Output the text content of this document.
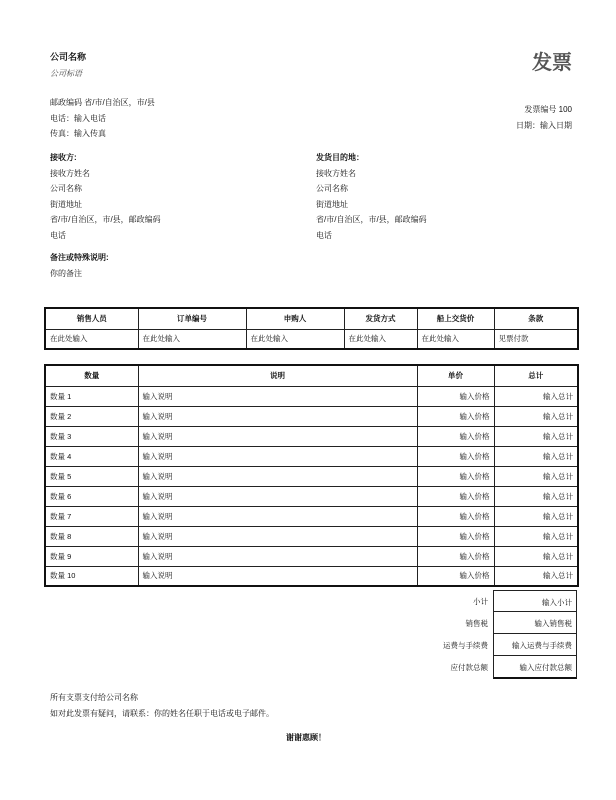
公司名称
公司标语
邮政编码 省/市/自治区，市/县
电话：输入电话
传真：输入传真
发票
发票编号 100
日期：输入日期
接收方:
接收方姓名
公司名称
街道地址
省/市/自治区，市/县，邮政编码
电话
发货目的地：
接收方姓名
公司名称
街道地址
省/市/自治区，市/县，邮政编码
电话
备注或特殊说明:
你的备注
销售人员	订单编号	申购人	发货方式	船上交货价	条款
在此处输入	在此处输入	在此处输入	在此处输入	在此处输入	见票付款
数量	说明	单价	总计
数量 1	输入说明	输入价格	输入总计
数量 2	输入说明	输入价格	输入总计
数量 3	输入说明	输入价格	输入总计
数量 4	输入说明	输入价格	输入总计
数量 5	输入说明	输入价格	输入总计
数量 6	输入说明	输入价格	输入总计
数量 7	输入说明	输入价格	输入总计
数量 8	输入说明	输入价格	输入总计
数量 9	输入说明	输入价格	输入总计
数量 10	输入说明	输入价格	输入总计
小计	输入小计
销售税	输入销售税
运费与手续费	输入运费与手续费
应付款总额	输入应付款总额
所有支票支付给公司名称
如对此发票有疑问，请联系：你的姓名任职于电话或电子邮件。
谢谢惠顾！
